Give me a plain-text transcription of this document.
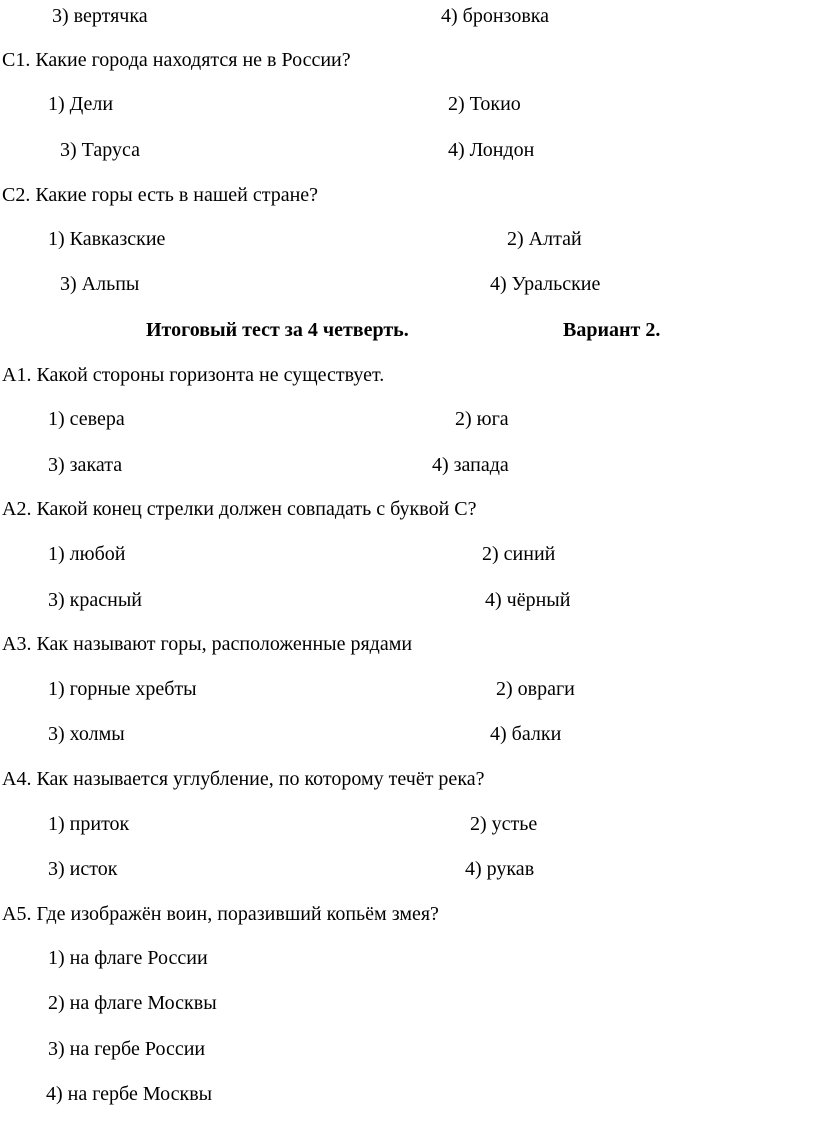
3) вертячка	4) бронзовка
С1. Какие города находятся не в России?
1) Дели	2) Токио
3) Таруса	4) Лондон
С2. Какие горы есть в нашей стране?
1) Кавказские	2) Алтай
3) Альпы	4) Уральские
Итоговый тест за 4 четверть.	Вариант 2.
А1. Какой стороны горизонта не существует.
1) севера	2) юга
3) заката	4) запада
А2. Какой конец стрелки должен совпадать с буквой С?
1) любой	2) синий
3) красный	4) чёрный
А3. Как называют горы, расположенные рядами
1) горные хребты	2) овраги
3) холмы	4) балки
А4. Как называется углубление, по которому течёт река?
1) приток	2) устье
3) исток	4) рукав
А5. Где изображён воин, поразивший копьём змея?
1) на флаге России
2) на флаге Москвы
3) на гербе России
4) на гербе Москвы
